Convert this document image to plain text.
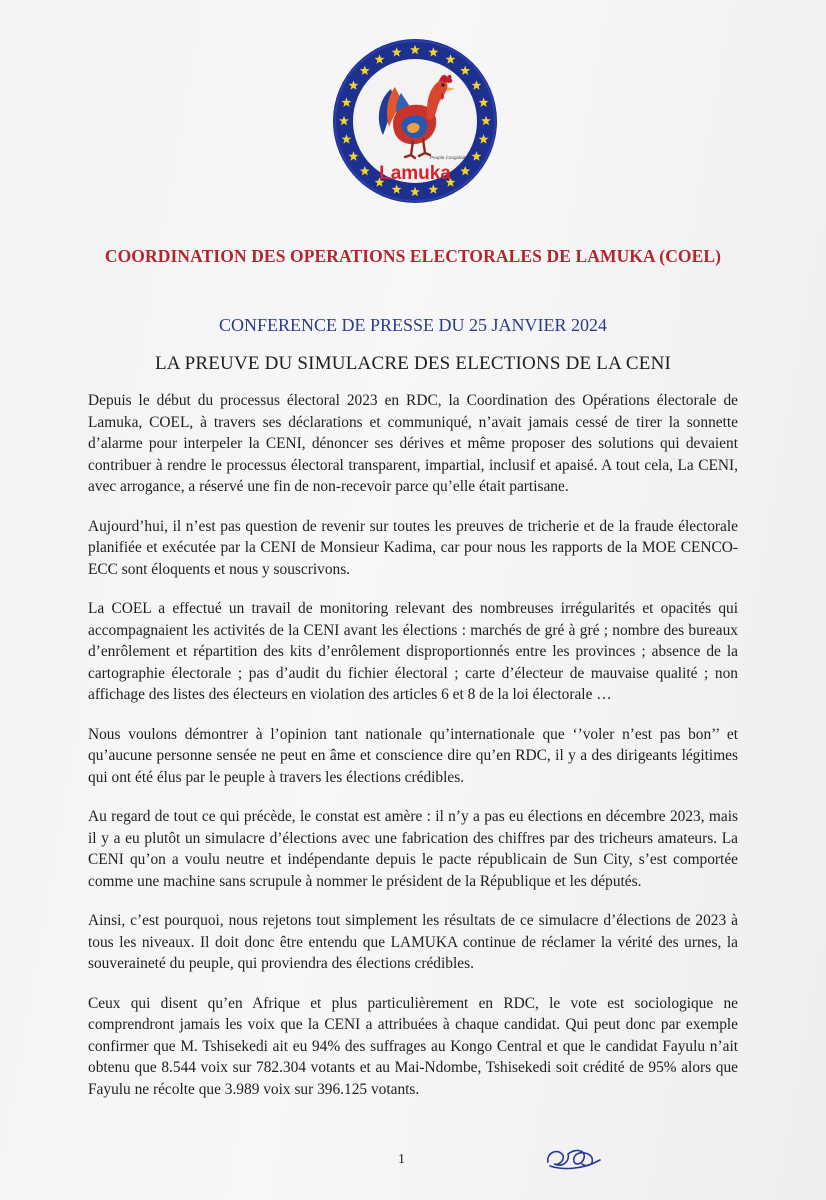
Peuple Congolais
Lamuka
COORDINATION DES OPERATIONS ELECTORALES DE LAMUKA (COEL)
CONFERENCE DE PRESSE DU 25 JANVIER 2024
LA PREUVE DU SIMULACRE DES ELECTIONS DE LA CENI

Depuis le début du processus électoral 2023 en RDC, la Coordination des Opérations électorale de Lamuka, COEL, à travers ses déclarations et communiqué, n’avait jamais cessé de tirer la sonnette d’alarme pour interpeler la CENI, dénoncer ses dérives et même proposer des solutions qui devaient contribuer à rendre le processus électoral transparent, impartial, inclusif et apaisé. A tout cela, La CENI, avec arrogance, a réservé une fin de non-recevoir parce qu’elle était partisane.

Aujourd’hui, il n’est pas question de revenir sur toutes les preuves de tricherie et de la fraude électorale planifiée et exécutée par la CENI de Monsieur Kadima, car pour nous les rapports de la MOE CENCO-ECC sont éloquents et nous y souscrivons.

La COEL a effectué un travail de monitoring relevant des nombreuses irrégularités et opacités qui accompagnaient les activités de la CENI avant les élections : marchés de gré à gré ; nombre des bureaux d’enrôlement et répartition des kits d’enrôlement disproportionnés entre les provinces ; absence de la cartographie électorale ; pas d’audit du fichier électoral ; carte d’électeur de mauvaise qualité ; non affichage des listes des électeurs en violation des articles 6 et 8 de la loi électorale …

Nous voulons démontrer à l’opinion tant nationale qu’internationale que ‘’voler n’est pas bon’’ et qu’aucune personne sensée ne peut en âme et conscience dire qu’en RDC, il y a des dirigeants légitimes qui ont été élus par le peuple à travers les élections crédibles.

Au regard de tout ce qui précède, le constat est amère : il n’y a pas eu élections en décembre 2023, mais il y a eu plutôt un simulacre d’élections avec une fabrication des chiffres par des tricheurs amateurs. La CENI qu’on a voulu neutre et indépendante depuis le pacte républicain de Sun City, s’est comportée comme une machine sans scrupule à nommer le président de la République et les députés.

Ainsi, c’est pourquoi, nous rejetons tout simplement les résultats de ce simulacre d’élections de 2023 à tous les niveaux. Il doit donc être entendu que LAMUKA continue de réclamer la vérité des urnes, la souveraineté du peuple, qui proviendra des élections crédibles.

Ceux qui disent qu’en Afrique et plus particulièrement en RDC, le vote est sociologique ne comprendront jamais les voix que la CENI a attribuées à chaque candidat. Qui peut donc par exemple confirmer que M. Tshisekedi ait eu 94% des suffrages au Kongo Central et que le candidat Fayulu n’ait obtenu que 8.544 voix sur 782.304 votants et au Mai-Ndombe, Tshisekedi soit crédité de 95% alors que Fayulu ne récolte que 3.989 voix sur 396.125 votants.

1
